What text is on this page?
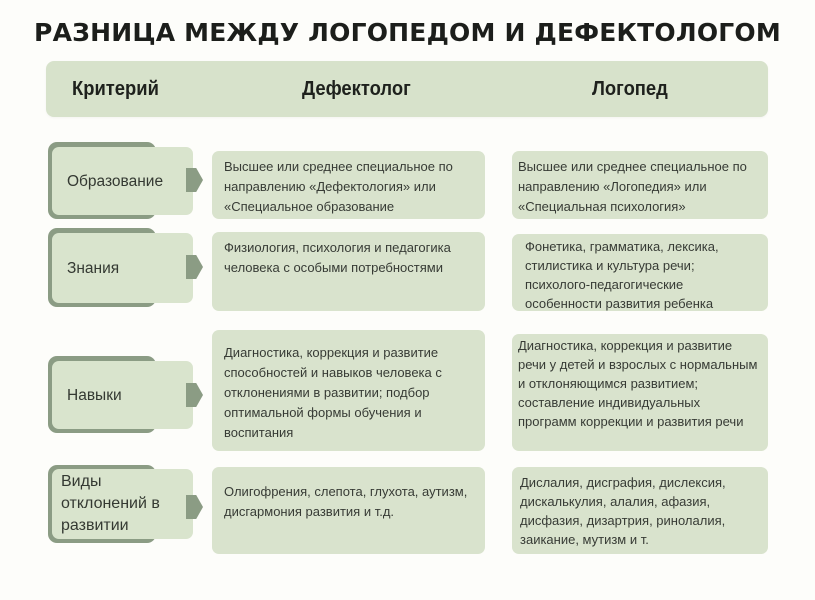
РАЗНИЦА МЕЖДУ ЛОГОПЕДОМ И ДЕФЕКТОЛОГОМ
Критерий	Дефектолог	Логопед
Образование
Высшее или среднее специальное по направлению «Дефектология» или «Специальное образование
Высшее или среднее специальное по направлению «Логопедия» или «Специальная психология»
Знания
Физиология, психология и педагогика человека с особыми потребностями
Фонетика, грамматика, лексика, стилистика и культура речи; психолого-педагогические особенности развития ребенка
Навыки
Диагностика, коррекция и развитие способностей и навыков человека с отклонениями в развитии; подбор оптимальной формы обучения и воспитания
Диагностика, коррекция и развитие речи у детей и взрослых с нормальным и отклоняющимся развитием; составление индивидуальных программ коррекции и развития речи
Виды отклонений в развитии
Олигофрения, слепота, глухота, аутизм, дисгармония развития и т.д.
Дислалия, дисграфия, дислексия, дискалькулия, алалия, афазия, дисфазия, дизартрия, ринолалия, заикание, мутизм и т.
